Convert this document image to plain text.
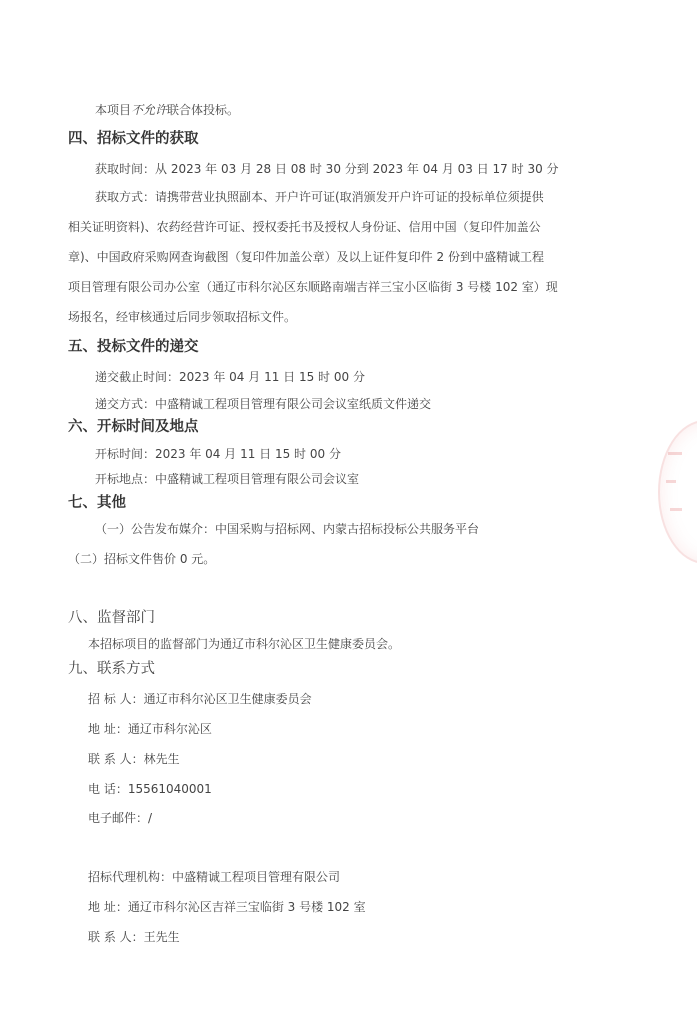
本项目不允许联合体投标。
四、招标文件的获取
获取时间：从 2023 年 03 月 28 日 08 时 30 分到 2023 年 04 月 03 日 17 时 30 分
获取方式：请携带营业执照副本、开户许可证(取消颁发开户许可证的投标单位须提供
相关证明资料)、农药经营许可证、授权委托书及授权人身份证、信用中国（复印件加盖公
章)、中国政府采购网查询截图（复印件加盖公章）及以上证件复印件 2 份到中盛精诚工程
项目管理有限公司办公室（通辽市科尔沁区东顺路南端吉祥三宝小区临街 3 号楼 102 室）现
场报名，经审核通过后同步领取招标文件。
五、投标文件的递交
递交截止时间：2023 年 04 月 11 日 15 时 00 分
递交方式：中盛精诚工程项目管理有限公司会议室纸质文件递交
六、开标时间及地点
开标时间：2023 年 04 月 11 日 15 时 00 分
开标地点：中盛精诚工程项目管理有限公司会议室
七、其他
（一）公告发布媒介：中国采购与招标网、内蒙古招标投标公共服务平台
（二）招标文件售价 0 元。
八、监督部门
本招标项目的监督部门为通辽市科尔沁区卫生健康委员会。
九、联系方式
招 标 人：通辽市科尔沁区卫生健康委员会
地 址：通辽市科尔沁区
联 系 人：林先生
电 话：15561040001
电子邮件：/
招标代理机构：中盛精诚工程项目管理有限公司
地 址：通辽市科尔沁区吉祥三宝临街 3 号楼 102 室
联 系 人：王先生
